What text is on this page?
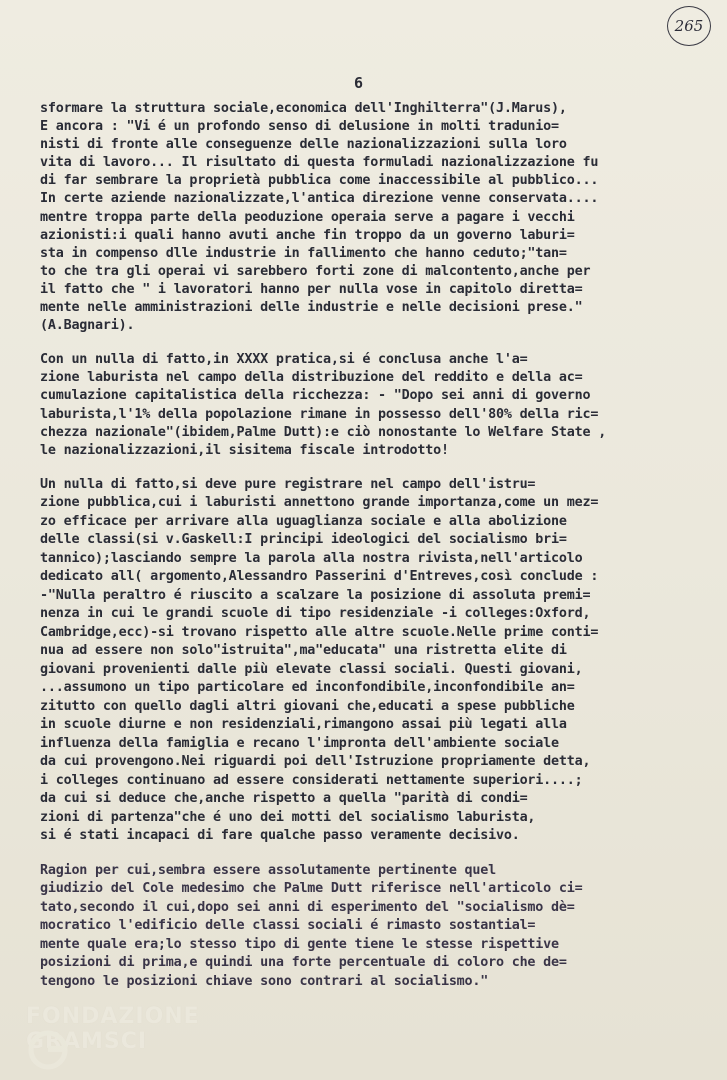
265
6
sformare la struttura sociale,economica dell'Inghilterra"(J.Marus),
E ancora : "Vi é un profondo senso di delusione in molti tradunio=
nisti di fronte alle conseguenze delle nazionalizzazioni sulla loro
vita di lavoro... Il risultato di questa formuladi nazionalizzazione fu
di far sembrare la proprietà pubblica come inaccessibile al pubblico...
In certe aziende nazionalizzate,l'antica direzione venne conservata....
mentre troppa parte della peoduzione operaia serve a pagare i vecchi
azionisti:i quali hanno avuti anche fin troppo da un governo laburi=
sta in compenso dlle industrie in fallimento che hanno ceduto;"tan=
to che tra gli operai vi sarebbero forti zone di malcontento,anche per
il fatto che " i lavoratori hanno per nulla vose in capitolo diretta=
mente nelle amministrazioni delle industrie e nelle decisioni prese."
(A.Bagnari).
Con un nulla di fatto,in XXXX pratica,si é conclusa anche l'a=
zione laburista nel campo della distribuzione del reddito e della ac=
cumulazione capitalistica della ricchezza: - "Dopo sei anni di governo
laburista,l'1% della popolazione rimane in possesso dell'80% della ric=
chezza nazionale"(ibidem,Palme Dutt):e ciò nonostante lo Welfare State ,
le nazionalizzazioni,il sisitema fiscale introdotto!
Un nulla di fatto,si deve pure registrare nel campo dell'istru=
zione pubblica,cui i laburisti annettono grande importanza,come un mez=
zo efficace per arrivare alla uguaglianza sociale e alla abolizione
delle classi(si v.Gaskell:I principi ideologici del socialismo bri=
tannico);lasciando sempre la parola alla nostra rivista,nell'articolo
dedicato all( argomento,Alessandro Passerini d'Entreves,così conclude :
-"Nulla peraltro é riuscito a scalzare la posizione di assoluta premi=
nenza in cui le grandi scuole di tipo residenziale -i colleges:Oxford,
Cambridge,ecc)-si trovano rispetto alle altre scuole.Nelle prime conti=
nua ad essere non solo"istruita",ma"educata" una ristretta elite di
giovani provenienti dalle più elevate classi sociali. Questi giovani,
...assumono un tipo particolare ed inconfondibile,inconfondibile an=
zitutto con quello dagli altri giovani che,educati a spese pubbliche
in scuole diurne e non residenziali,rimangono assai più legati alla
influenza della famiglia e recano l'impronta dell'ambiente sociale
da cui provengono.Nei riguardi poi dell'Istruzione propriamente detta,
i colleges continuano ad essere considerati nettamente superiori....;
da cui si deduce che,anche rispetto a quella "parità di condi=
zioni di partenza"che é uno dei motti del socialismo laburista,
si é stati incapaci di fare qualche passo veramente decisivo.
Ragion per cui,sembra essere assolutamente pertinente quel
giudizio del Cole medesimo che Palme Dutt riferisce nell'articolo ci=
tato,secondo il cui,dopo sei anni di esperimento del "socialismo dè=
mocratico l'edificio delle classi sociali é rimasto sostantial=
mente quale era;lo stesso tipo di gente tiene le stesse rispettive
posizioni di prima,e quindi una forte percentuale di coloro che de=
tengono le posizioni chiave sono contrari al socialismo."
FONDAZIONE GRAMSCI
